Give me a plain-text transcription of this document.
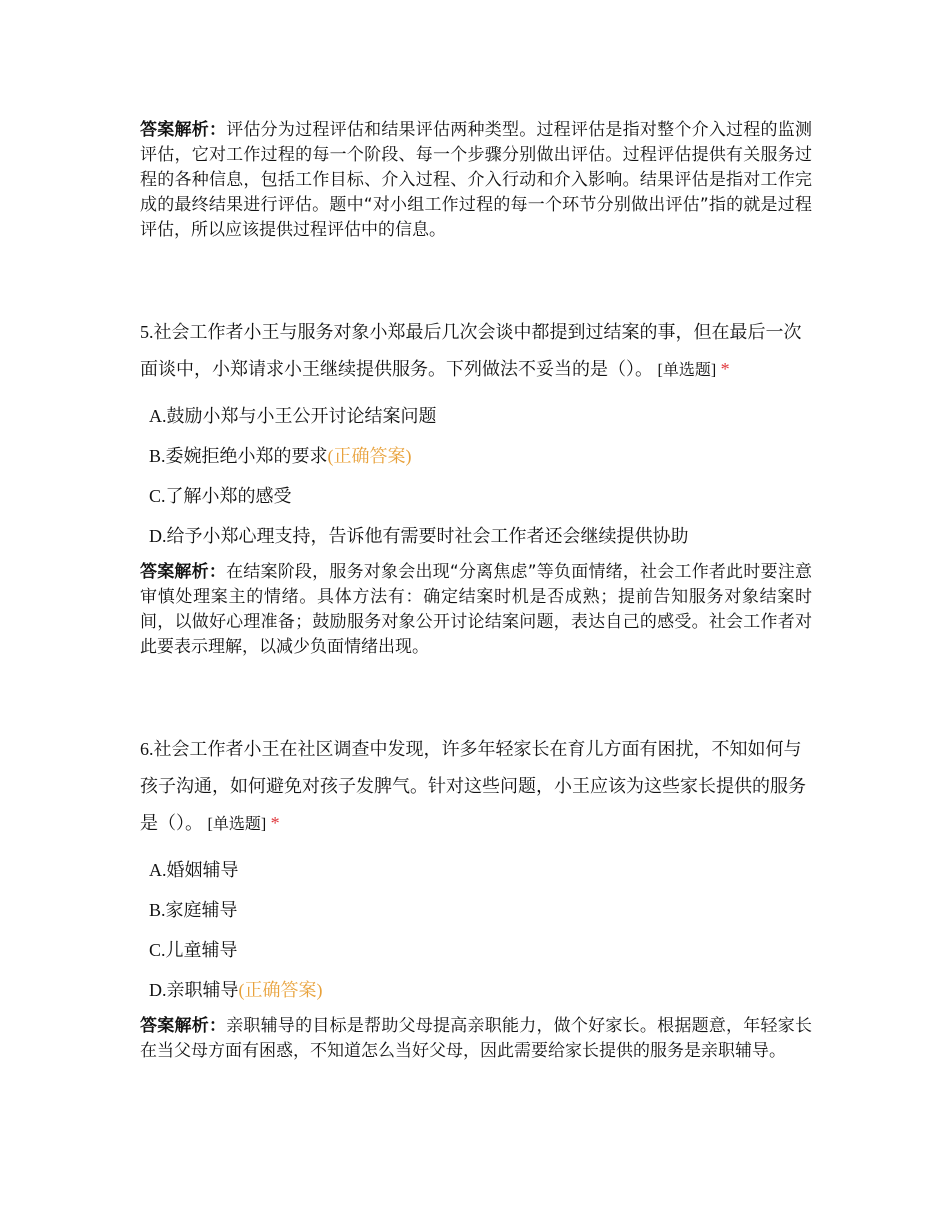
答案解析：评估分为过程评估和结果评估两种类型。过程评估是指对整个介入过程的监测评估，它对工作过程的每一个阶段、每一个步骤分别做出评估。过程评估提供有关服务过程的各种信息，包括工作目标、介入过程、介入行动和介入影响。结果评估是指对工作完成的最终结果进行评估。题中“对小组工作过程的每一个环节分别做出评估”指的就是过程评估，所以应该提供过程评估中的信息。

5.社会工作者小王与服务对象小郑最后几次会谈中都提到过结案的事，但在最后一次面谈中，小郑请求小王继续提供服务。下列做法不妥当的是（）。 [单选题] *

A.鼓励小郑与小王公开讨论结案问题
B.委婉拒绝小郑的要求(正确答案)
C.了解小郑的感受
D.给予小郑心理支持，告诉他有需要时社会工作者还会继续提供协助

答案解析：在结案阶段，服务对象会出现“分离焦虑”等负面情绪，社会工作者此时要注意审慎处理案主的情绪。具体方法有：确定结案时机是否成熟；提前告知服务对象结案时间，以做好心理准备；鼓励服务对象公开讨论结案问题，表达自己的感受。社会工作者对此要表示理解，以减少负面情绪出现。

6.社会工作者小王在社区调查中发现，许多年轻家长在育儿方面有困扰，不知如何与孩子沟通，如何避免对孩子发脾气。针对这些问题，小王应该为这些家长提供的服务是（）。 [单选题] *

A.婚姻辅导
B.家庭辅导
C.儿童辅导
D.亲职辅导(正确答案)

答案解析：亲职辅导的目标是帮助父母提高亲职能力，做个好家长。根据题意，年轻家长在当父母方面有困惑，不知道怎么当好父母，因此需要给家长提供的服务是亲职辅导。
